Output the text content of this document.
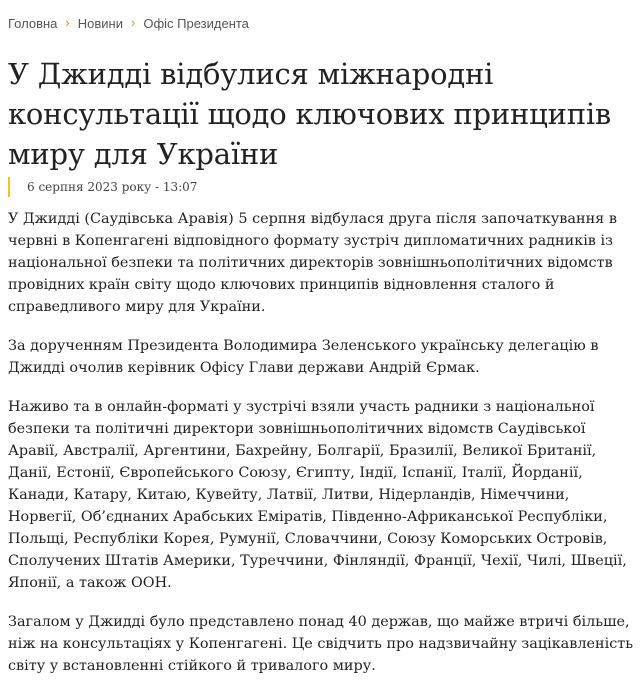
Головна › Новини › Офіс Президента
У Джидді відбулися міжнародні консультації щодо ключових принципів миру для України
6 серпня 2023 року - 13:07

У Джидді (Саудівська Аравія) 5 серпня відбулася друга після започаткування в червні в Копенгагені відповідного формату зустріч дипломатичних радників із національної безпеки та політичних директорів зовнішньополітичних відомств провідних країн світу щодо ключових принципів відновлення сталого й справедливого миру для України.

За дорученням Президента Володимира Зеленського українську делегацію в Джидді очолив керівник Офісу Глави держави Андрій Єрмак.

Наживо та в онлайн-форматі у зустрічі взяли участь радники з національної безпеки та політичні директори зовнішньополітичних відомств Саудівської Аравії, Австралії, Аргентини, Бахрейну, Болгарії, Бразилії, Великої Британії, Данії, Естонії, Європейського Союзу, Єгипту, Індії, Іспанії, Італії, Йорданії, Канади, Катару, Китаю, Кувейту, Латвії, Литви, Нідерландів, Німеччини, Норвегії, Об’єднаних Арабських Еміратів, Південно-Африканської Республіки, Польщі, Республіки Корея, Румунії, Словаччини, Союзу Коморських Островів, Сполучених Штатів Америки, Туреччини, Фінляндії, Франції, Чехії, Чилі, Швеції, Японії, а також ООН.

Загалом у Джидді було представлено понад 40 держав, що майже втричі більше, ніж на консультаціях у Копенгагені. Це свідчить про надзвичайну зацікавленість світу у встановленні стійкого й тривалого миру.
